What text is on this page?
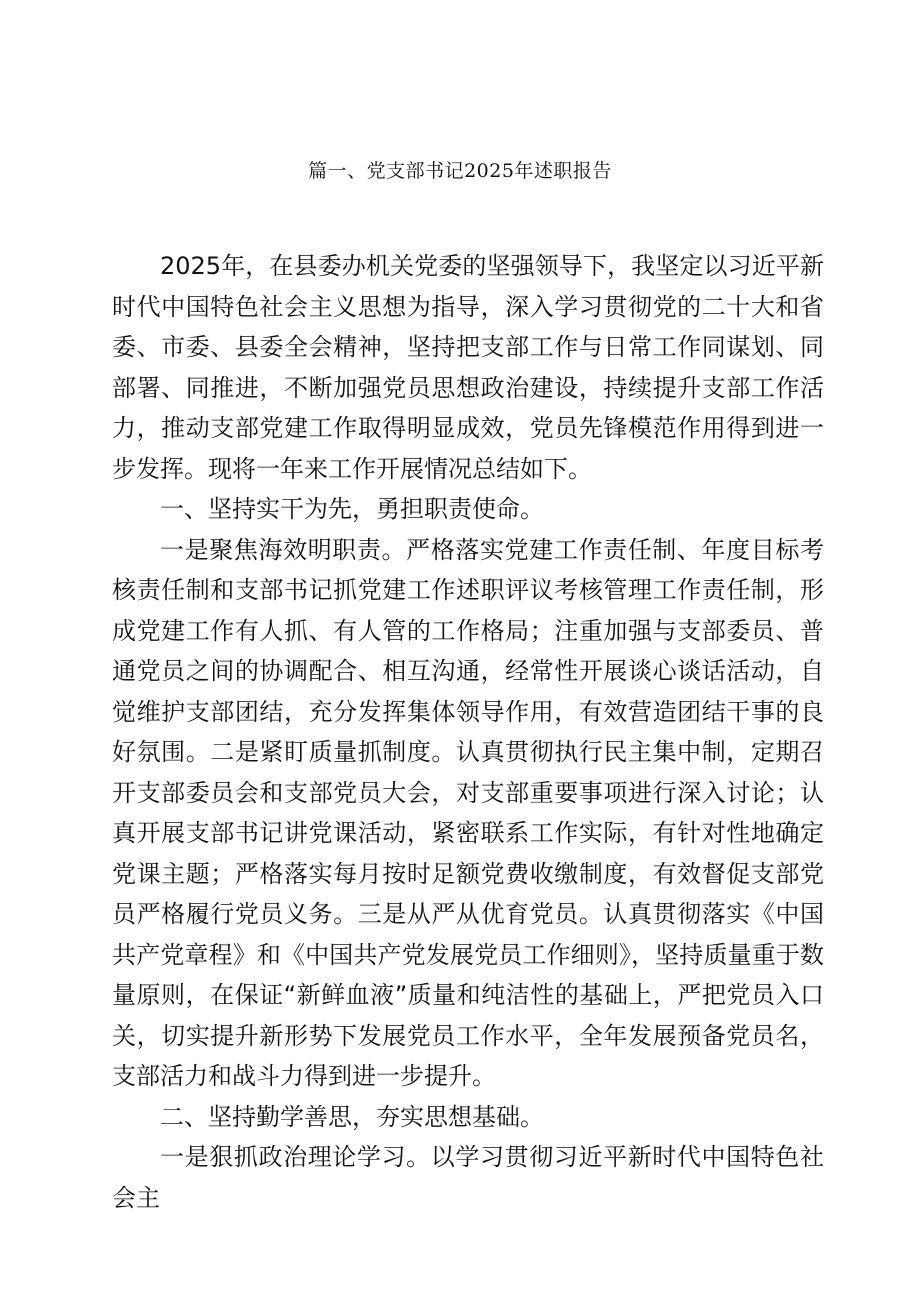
篇一、党支部书记2025年述职报告

2025年，在县委办机关党委的坚强领导下，我坚定以习近平新时代中国特色社会主义思想为指导，深入学习贯彻党的二十大和省委、市委、县委全会精神，坚持把支部工作与日常工作同谋划、同部署、同推进，不断加强党员思想政治建设，持续提升支部工作活力，推动支部党建工作取得明显成效，党员先锋模范作用得到进一步发挥。现将一年来工作开展情况总结如下。

一、坚持实干为先，勇担职责使命。

一是聚焦海效明职责。严格落实党建工作责任制、年度目标考核责任制和支部书记抓党建工作述职评议考核管理工作责任制，形成党建工作有人抓、有人管的工作格局；注重加强与支部委员、普通党员之间的协调配合、相互沟通，经常性开展谈心谈话活动，自觉维护支部团结，充分发挥集体领导作用，有效营造团结干事的良好氛围。二是紧盯质量抓制度。认真贯彻执行民主集中制，定期召开支部委员会和支部党员大会，对支部重要事项进行深入讨论；认真开展支部书记讲党课活动，紧密联系工作实际，有针对性地确定党课主题；严格落实每月按时足额党费收缴制度，有效督促支部党员严格履行党员义务。三是从严从优育党员。认真贯彻落实《中国共产党章程》和《中国共产党发展党员工作细则》，坚持质量重于数量原则，在保证“新鲜血液”质量和纯洁性的基础上，严把党员入口关，切实提升新形势下发展党员工作水平，全年发展预备党员名，支部活力和战斗力得到进一步提升。

二、坚持勤学善思，夯实思想基础。

一是狠抓政治理论学习。以学习贯彻习近平新时代中国特色社会主
